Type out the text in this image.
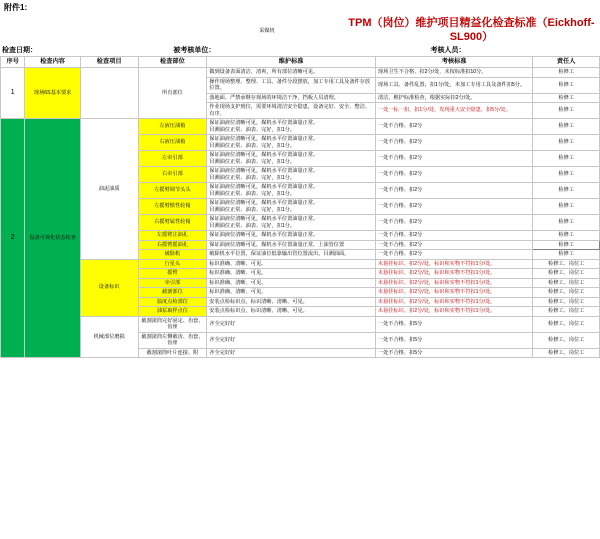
附件1:						
			采煤机	TPM（岗位）维护项目精益化检查标准（Eickhoff-SL900）		
检查日期：		被考核单位：			考核人员：	
序号	检查内容	检查项目	检查部位	维护标准	考核标准	责任人
1	现场6S基本要求		所有部位	做到设备表面清洁、清爽，所有部位清晰可见。	现场卫生不合格、扣2分/处，未按标准扣10分。	检修工
				操作现场整理、整理、工具、备件分段摆放，加工专用工具及备件存放位置。	现场工具、备件乱置，扣1分/处，未加工专用工具及备件扣5分。	检修工
				落地面、严禁承继存现场的环境洁干净，挡板人员清理。	清洁、维护标准检查，根据实际扣2分/处。	检修工
				作业现场支护到位，需要环境清洁安全隐患，设备完好、安全、整洁、有序。	一处一标一扣，扣1分/处，发现重大安全隐患，扣5分/处。	检修工
2	设备可视化状态检查	油泥油质	左液压油箱	保证油液位清晰可见，煤机水平位置油量正常。
目测油位正常、油表、完好，扣1分。	一处不合格、扣2分	检修工
			右液压油箱	保证油液位清晰可见，煤机水平位置油量正常。
目测油位正常、油表、完好，扣1分。	一处不合格、扣2分	检修工
			左牵引部	保证油液位清晰可见，煤机水平位置油量正常。
目测油位正常、油表、完好，扣1分。	一处不合格、扣2分	检修工
			右牵引部	保证油液位清晰可见，煤机水平位置油量正常。
目测油位正常、油表、完好，扣1分。	一处不合格、扣2分	检修工
			左摇臂调节头头	保证油液位清晰可见，煤机水平位置油量正常。
目测油位正常、油表、完好，扣1分。	一处不合格、扣2分	检修工
			左摇臂惯性轮箱	保证油液位清晰可见，煤机水平位置油量正常。
目测油位正常、油表、完好，扣1分。	一处不合格、扣2分	检修工
			右摇臂属性轮箱	保证油液位清晰可见，煤机水平位置油量正常。
目测油位正常、油表、完好，扣1分。	一处不合格、扣2分	检修工
			左摇臂注油孔	保证油液位清晰可见，煤机水平位置油量正常。	一处不合格、扣2分	检修工
			右摇臂摇油孔	保证油液位清晰可见，煤机水平位置油量正常，上油管位置	一处不合格、扣2分	检修工
			破除机	破除机水平位置，保证油位低靠输出管位置流出，目测油面。	一处不合格、扣2分	检修工
		设备标识	行星头	标识准确、清晰、可见。	未悬挂标识、扣2分/处，标识和实物不符扣1分/处。	检修工、岗位工
			摇臂	标识准确、清晰、可见。	未悬挂标识、扣2分/处，标识和实物不符扣1分/处。	检修工、岗位工
			牵引部	标识准确、清晰、可见。	未悬挂标识、扣2分/处，标识和实物不符扣1分/处。	检修工、岗位工
			截割部位	标识准确、清晰、可见。	未悬挂标识、扣2分/处，标识和实物不符扣1分/处。	检修工、岗位工
			温度点检部位	安装点检标识点，标识清晰、清晰、可见。	未悬挂标识、扣2分/处，标识和实物不符扣1分/处。	检修工、岗位工
			油泵取样点位	安装点检标识点，标识清晰、清晰、可见。	未悬挂标识、扣2分/处，标识和实物不符扣1分/处。	检修工、岗位工
		机械部位磨损	截割滚筒完好固定、齿套、齿座	齐全完好好	一处不合格、扣5分	检修工、岗位工
			截割滚筒左侧截齿、齿套、齿座	齐全完好好	一处不合格、扣5分	检修工、岗位工
			截割滚筒叶片连接、附	齐全完好好	一处不合格、扣5分	检修工、岗位工
